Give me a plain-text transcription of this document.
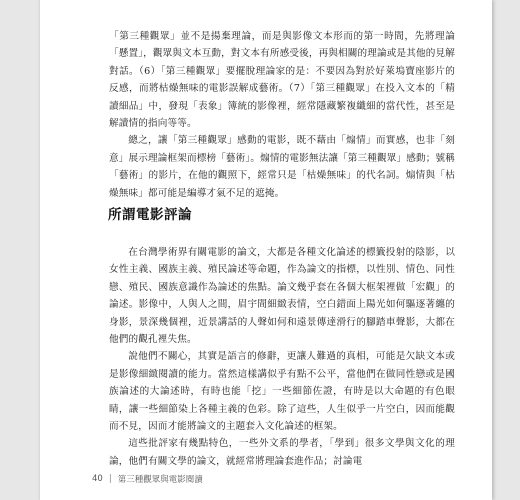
「第三種觀眾」並不是揚棄理論，而是與影像文本形而的第一時間，先將理論「懸置」，觀眾與文本互動，對文本有所感受後，再與相關的理論或是其他的見解對話。（6）「第三種觀眾」要擺脫理論家的是：不要因為對於好萊塢寶座影片的反感，而將枯燥無味的電影誤解成藝術。（7）「第三種觀眾」在投入文本的「精讀細品」中，發現「表象」簿統的影像裡，經常隱藏繁複纖細的當代性，甚至是解讀情的指向等等。

總之，讓「第三種觀眾」感動的電影，既不藉由「煽情」而實感，也非「刻意」展示理論框架而標榜「藝術」。煽情的電影無法讓「第三種觀眾」感動；號稱「藝術」的影片，在他的觀照下，經常只是「枯燥無味」的代名詞。煽情與「枯燥無味」都可能是編導才氣不足的遮掩。

所謂電影評論

在台灣學術界有關電影的論文，大都是各種文化論述的標籤投射的陰影，以女性主義、國族主義、殖民論述等命題，作為論文的指標，以性別、情色、同性戀、殖民、國族意識作為論述的焦點。論文幾乎套在各個大框架裡做「宏觀」的論述。影像中，人與人之間，眉宇間細緻表情，空白錯面上陽光如何驅逐著纏的身影，景深幾個裡，近景講話的人聲如何和遠景傳達滑行的腳踏車聲影，大都在他們的觀孔裡失焦。

說他們不關心，其實是語言的修辭，更讓人難過的真相，可能是欠缺文本或是影像細緻閱讀的能力。當然這樣講似乎有點不公平，當他們在做同性戀或是國族論述的大論述時，有時也能「挖」一些細節佐證，有時是以大命題的有色眼睛，讓一些細節染上各種主義的色彩。除了這些，人生似乎一片空白，因而能觀而不見，因而才能將論文的主題套入文化論述的框架。

這些批評家有幾點特色，一些外文系的學者，「學到」很多文學與文化的理論，他們有關文學的論文，就經常將理論套進作品；討論電

40 | 第三種觀眾與電影閱讀
